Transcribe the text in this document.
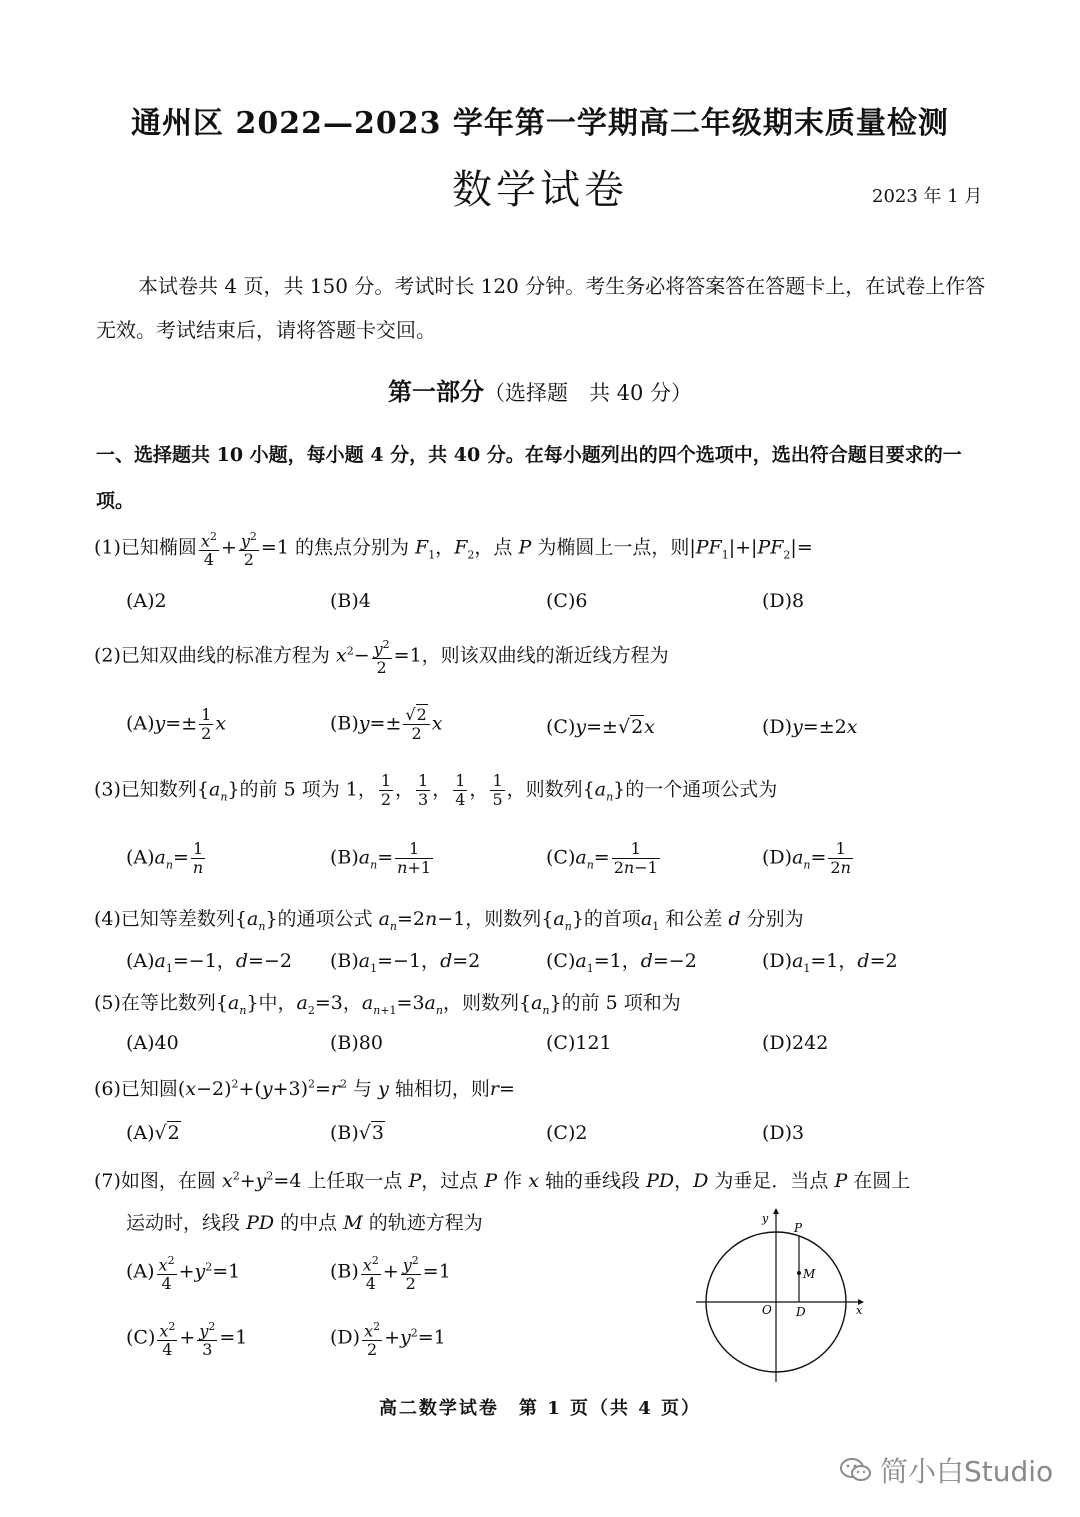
通州区 2022—2023 学年第一学期高二年级期末质量检测
数学试卷	2023 年 1 月
本试卷共 4 页，共 150 分。考试时长 120 分钟。考生务必将答案答在答题卡上，在试卷上作答无效。考试结束后，请将答题卡交回。
第一部分（选择题　共 40 分）
一、选择题共 10 小题，每小题 4 分，共 40 分。在每小题列出的四个选项中，选出符合题目要求的一项。
(1)已知椭圆 $\frac{x^2}{4} + \frac{y^2}{2} =1$ 的焦点分别为 $F_1$，$F_2$，点 P 为椭圆上一点，则$|PF_1|+|PF_2|=$
(A)2	(B)4	(C)6	(D)8
(2)已知双曲线的标准方程为 $x^2- \frac{y^2}{2} =1$，则该双曲线的渐近线方程为
$(A)y=\pm \frac{1}{2}$ x	$(B)y=\pm \frac{√2}{2}$ x	(C)y=±√2x	(D)y=±2x
(3)已知数列$\{a_n\}$的前 5 项为 1， $\frac{1}{2}$ ， $\frac{1}{3}$ ， $\frac{1}{4}$ ， $\frac{1}{5}$ ，则数列$\{a_n\}$的一个通项公式为
$(A)a_n= \frac{1}{n}$	$(B)a_n= \frac{1}{n+1}$	$(C)a_n= \frac{1}{2n-1}$	$(D)a_n= \frac{1}{2n}$
(4)已知等差数列$\{a_n\}$的通项公式 $a_n=2n-1$，则数列$\{a_n\}$的首项$a_1$ 和公差 d 分别为
$(A)a_1=-1$，d=−2 $(B)a_1=-1$，d=2	$(C)a_1=1$，d=−2	$(D)a_1=1$，d=2
(5)在等比数列$\{a_n\}$中，$a_2=3$，$a_{n+1}=3a_n$，则数列$\{a_n\}$的前 5 项和为
(A)40	(B)80	(C)121	(D)242
(6)已知圆$(x-2)^2+(y+3)^2=r^2$ 与 y 轴相切，则r=
(A)√2	(B)√3	(C)2	(D)3
(7)如图，在圆 $x^2+y^2=4$ 上任取一点 P，过点 P 作 x 轴的垂线段 PD，D 为垂足．当点 P 在圆上
运动时，线段 PD 的中点 M 的轨迹方程为
$(A) \frac{x^2}{4} +y^2=1$	$(B) \frac{x^2}{4} + \frac{y^2}{2} =1$
$(C) \frac{x^2}{4} + \frac{y^2}{3} =1$	$(D) \frac{x^2}{2} +y^2=1$
y
x
O D
P
M
高二数学试卷　第 1 页（共 4 页）
简小白Studio
